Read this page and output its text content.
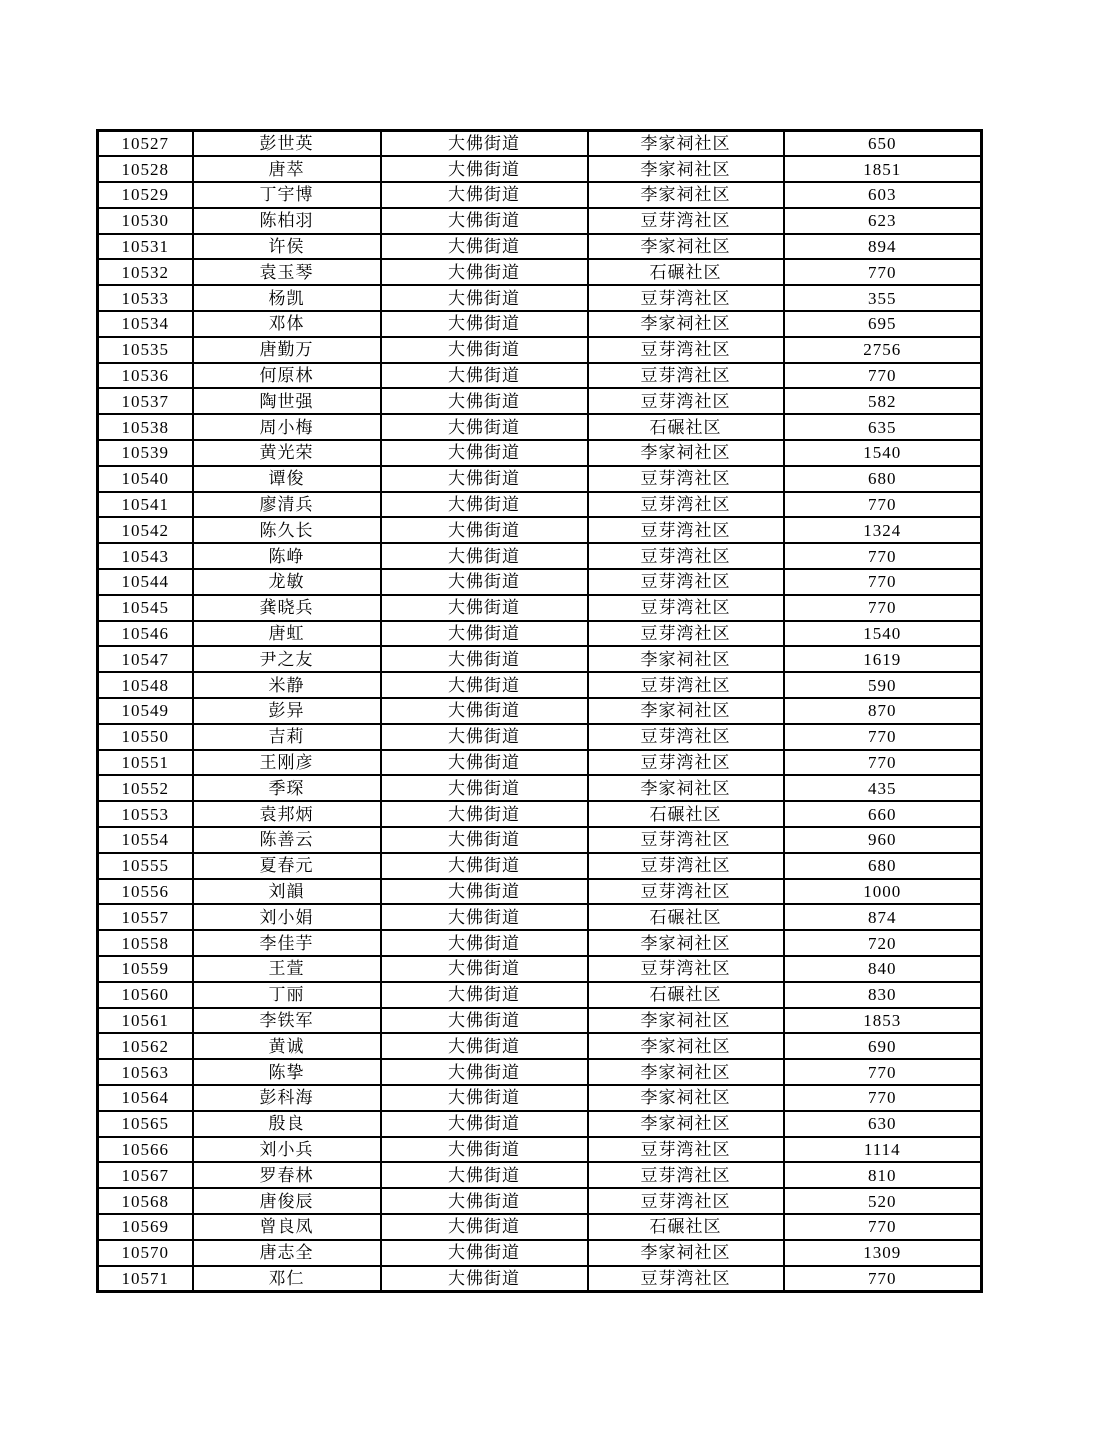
10527	彭世英	大佛街道	李家祠社区	650
10528	唐萃	大佛街道	李家祠社区	1851
10529	丁宇博	大佛街道	李家祠社区	603
10530	陈柏羽	大佛街道	豆芽湾社区	623
10531	许侯	大佛街道	李家祠社区	894
10532	袁玉琴	大佛街道	石碾社区	770
10533	杨凯	大佛街道	豆芽湾社区	355
10534	邓体	大佛街道	李家祠社区	695
10535	唐勤万	大佛街道	豆芽湾社区	2756
10536	何原林	大佛街道	豆芽湾社区	770
10537	陶世强	大佛街道	豆芽湾社区	582
10538	周小梅	大佛街道	石碾社区	635
10539	黄光荣	大佛街道	李家祠社区	1540
10540	谭俊	大佛街道	豆芽湾社区	680
10541	廖清兵	大佛街道	豆芽湾社区	770
10542	陈久长	大佛街道	豆芽湾社区	1324
10543	陈峥	大佛街道	豆芽湾社区	770
10544	龙敏	大佛街道	豆芽湾社区	770
10545	龚晓兵	大佛街道	豆芽湾社区	770
10546	唐虹	大佛街道	豆芽湾社区	1540
10547	尹之友	大佛街道	李家祠社区	1619
10548	米静	大佛街道	豆芽湾社区	590
10549	彭异	大佛街道	李家祠社区	870
10550	吉莉	大佛街道	豆芽湾社区	770
10551	王刚彦	大佛街道	豆芽湾社区	770
10552	季琛	大佛街道	李家祠社区	435
10553	袁邦炳	大佛街道	石碾社区	660
10554	陈善云	大佛街道	豆芽湾社区	960
10555	夏春元	大佛街道	豆芽湾社区	680
10556	刘韻	大佛街道	豆芽湾社区	1000
10557	刘小娟	大佛街道	石碾社区	874
10558	李佳芋	大佛街道	李家祠社区	720
10559	王萱	大佛街道	豆芽湾社区	840
10560	丁丽	大佛街道	石碾社区	830
10561	李铁军	大佛街道	李家祠社区	1853
10562	黄诚	大佛街道	李家祠社区	690
10563	陈挚	大佛街道	李家祠社区	770
10564	彭科海	大佛街道	李家祠社区	770
10565	殷良	大佛街道	李家祠社区	630
10566	刘小兵	大佛街道	豆芽湾社区	1114
10567	罗春林	大佛街道	豆芽湾社区	810
10568	唐俊辰	大佛街道	豆芽湾社区	520
10569	曾良凤	大佛街道	石碾社区	770
10570	唐志全	大佛街道	李家祠社区	1309
10571	邓仁	大佛街道	豆芽湾社区	770
